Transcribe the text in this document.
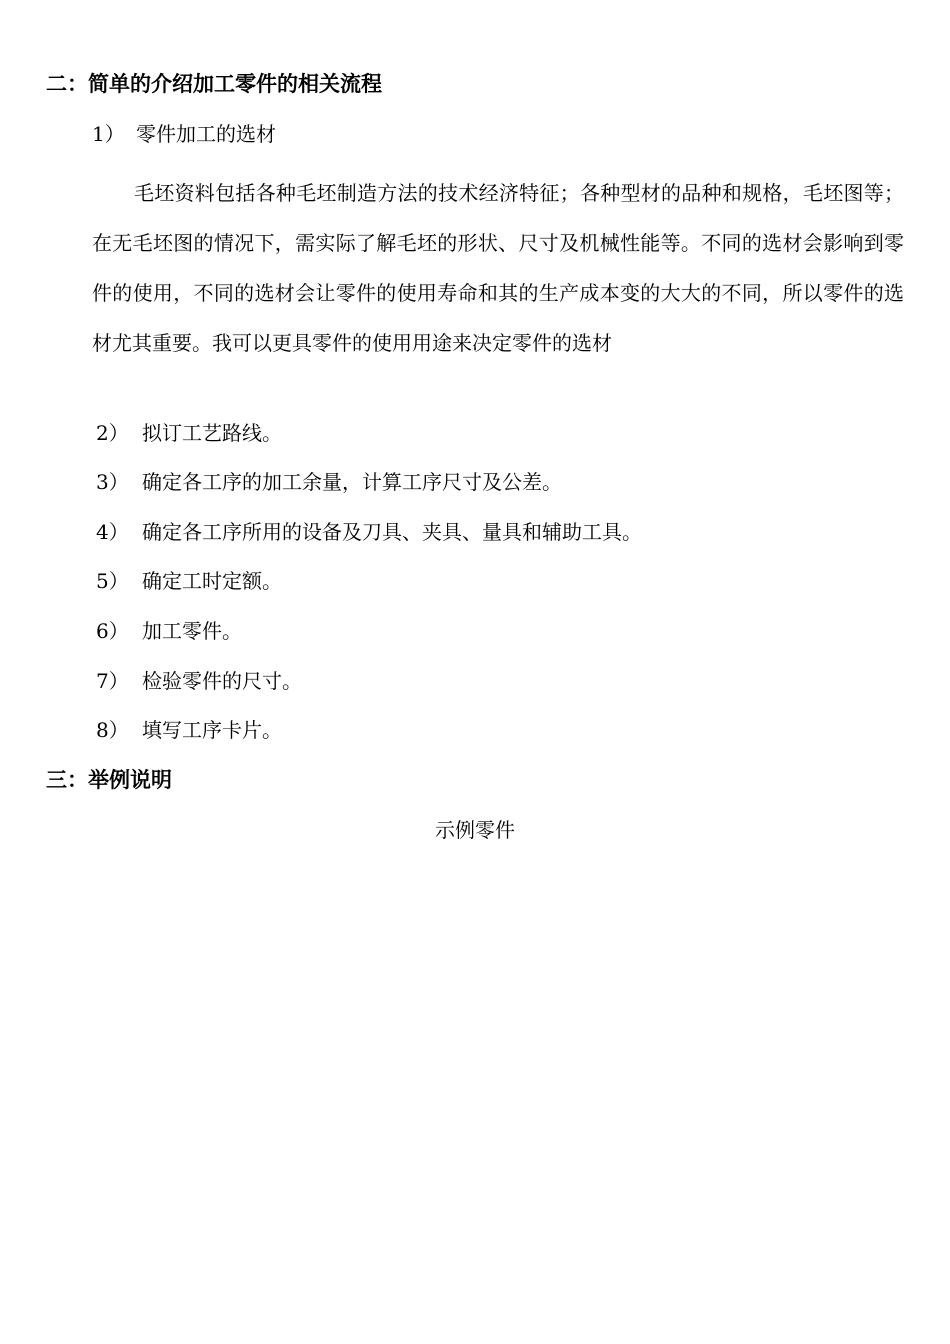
二：简单的介绍加工零件的相关流程
1） 零件加工的选材
毛坯资料包括各种毛坯制造方法的技术经济特征；各种型材的品种和规格，毛坯图等；在无毛坯图的情况下，需实际了解毛坯的形状、尺寸及机械性能等。不同的选材会影响到零件的使用，不同的选材会让零件的使用寿命和其的生产成本变的大大的不同，所以零件的选材尤其重要。我可以更具零件的使用用途来决定零件的选材
2） 拟订工艺路线。
3） 确定各工序的加工余量，计算工序尺寸及公差。
4） 确定各工序所用的设备及刀具、夹具、量具和辅助工具。
5） 确定工时定额。
6） 加工零件。
7） 检验零件的尺寸。
8） 填写工序卡片。
三：举例说明
示例零件
